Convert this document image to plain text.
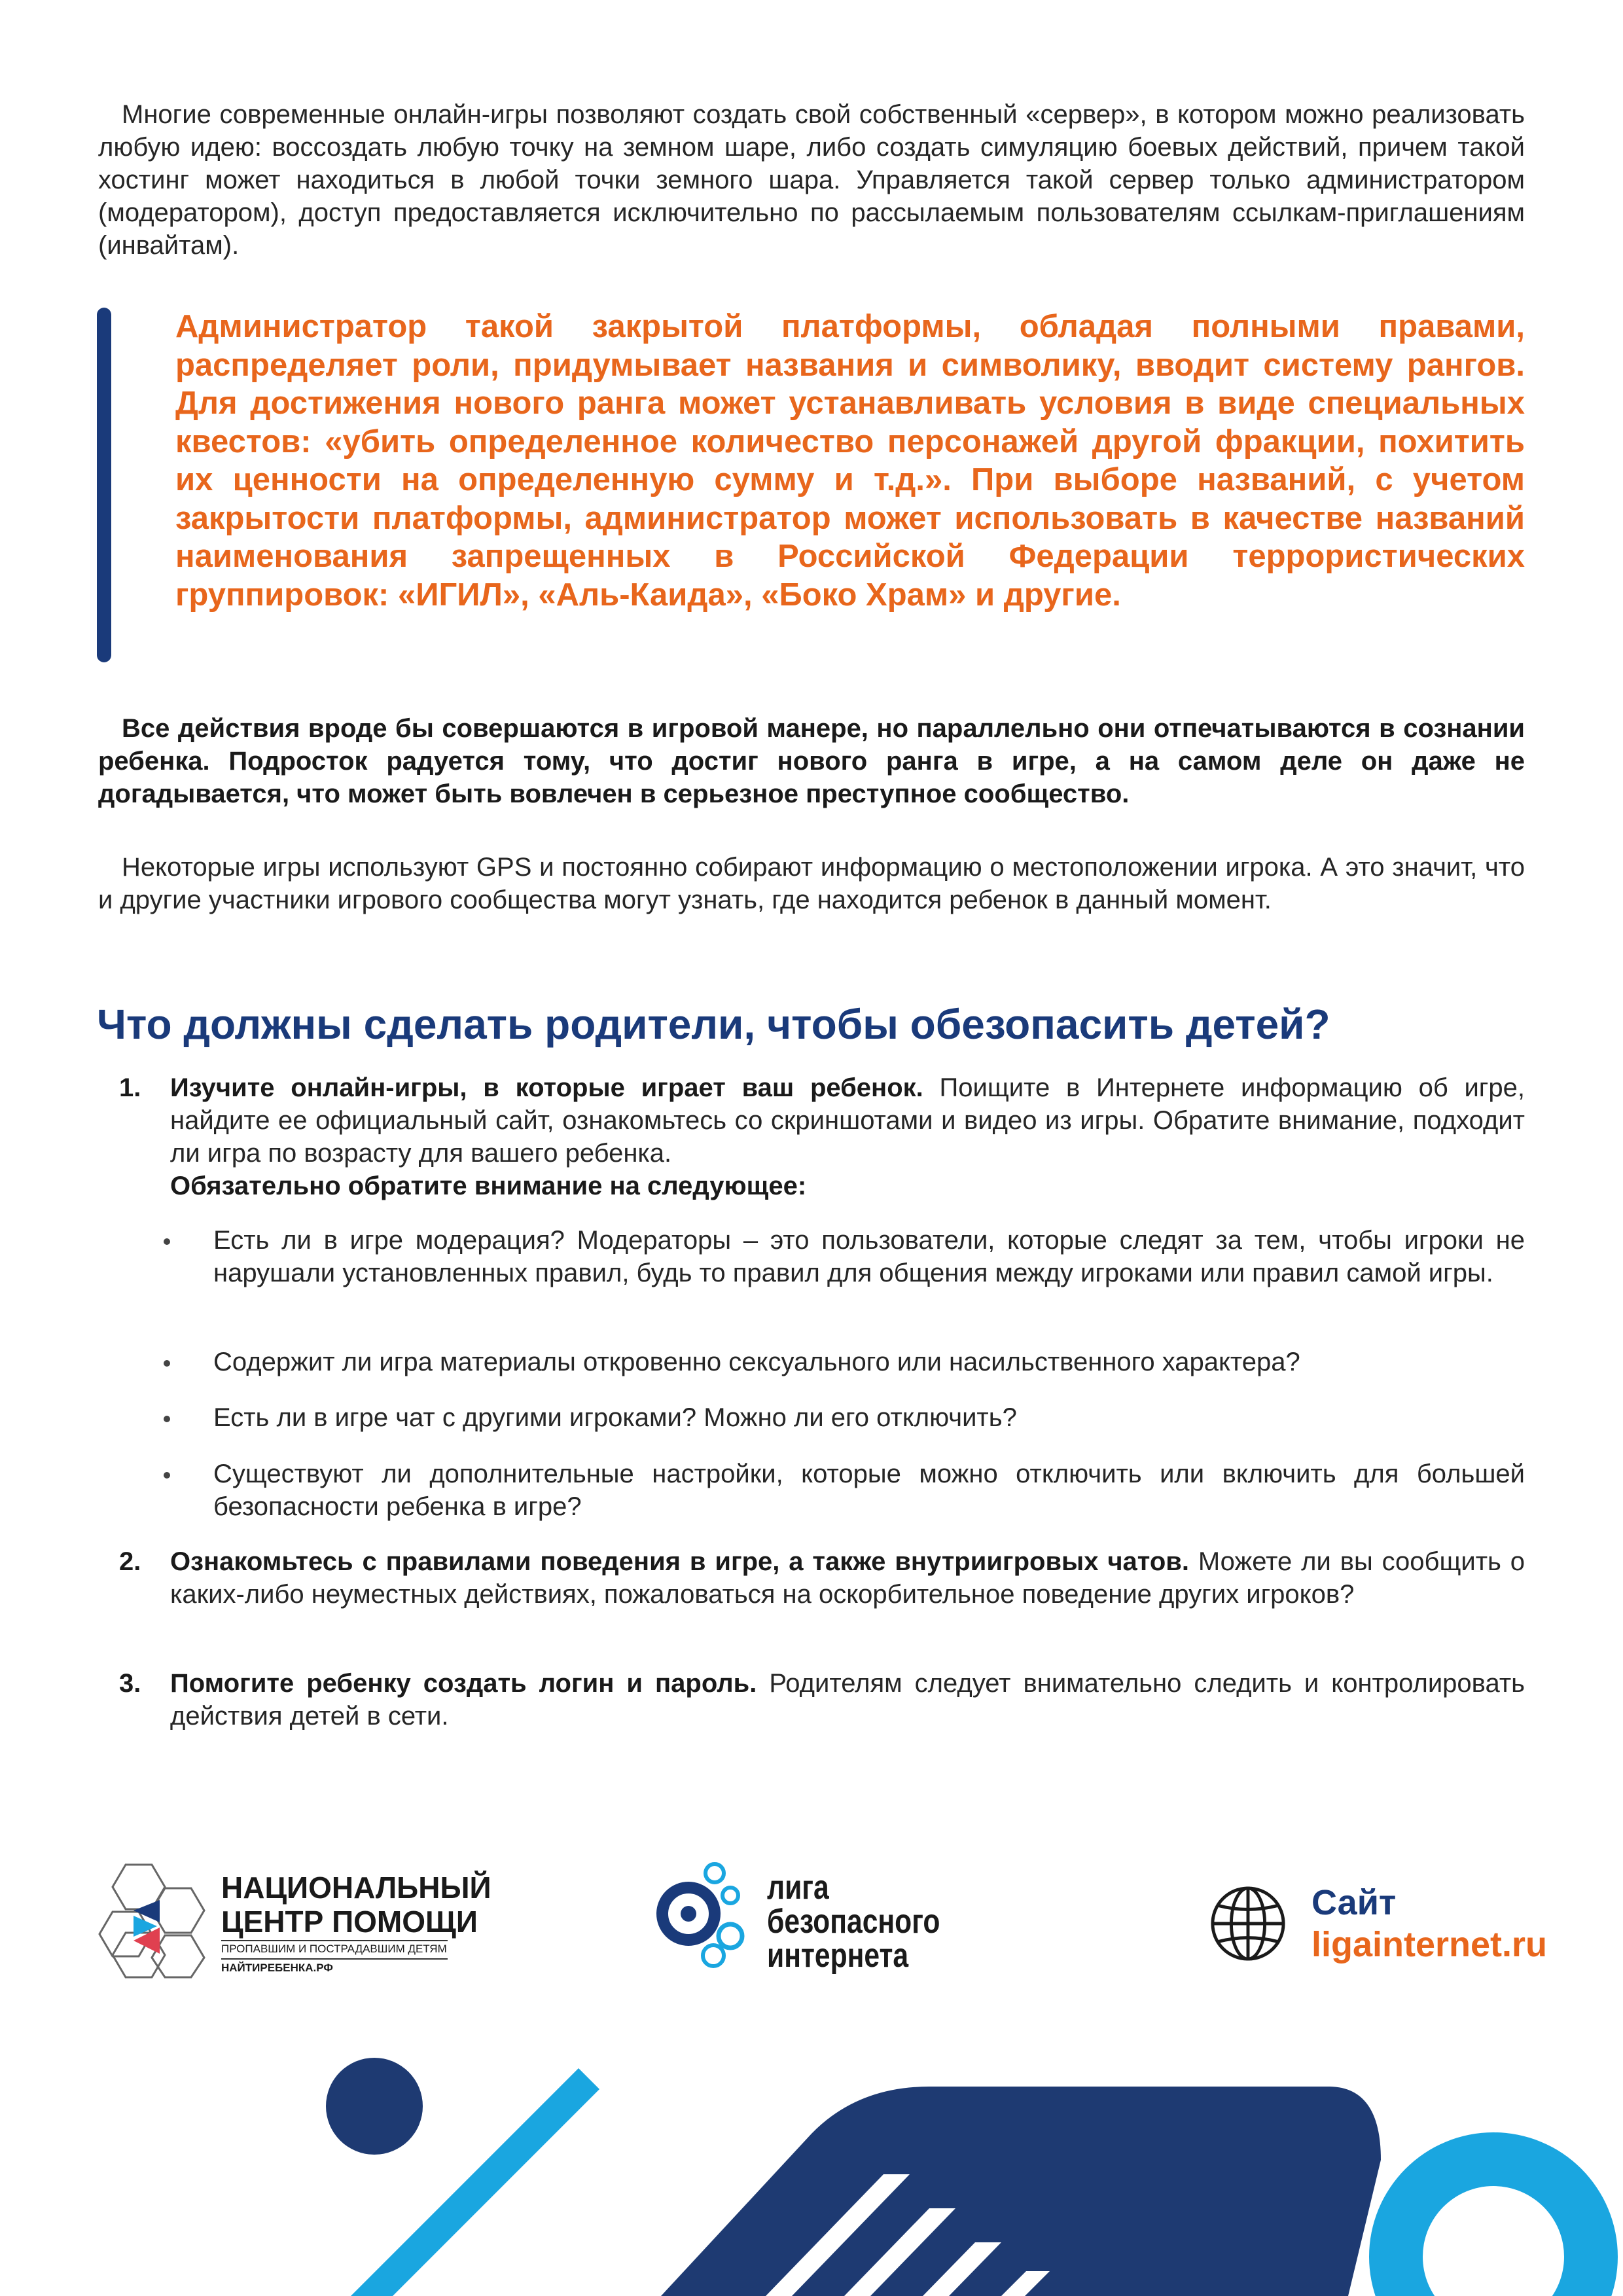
Многие современные онлайн-игры позволяют создать свой собственный «сервер», в котором можно реализовать любую идею: воссоздать любую точку на земном шаре, либо создать симуляцию боевых действий, причем такой хостинг может находиться в любой точки земного шара. Управляется такой сервер только администратором (модератором), доступ предоставляется исключительно по рассылаемым пользователям ссылкам-приглашениям (инвайтам).

Администратор такой закрытой платформы, обладая полными правами, распределяет роли, придумывает названия и символику, вводит систему рангов. Для достижения нового ранга может устанавливать условия в виде специальных квестов: «убить определенное количество персонажей другой фракции, похитить их ценности на определенную сумму и т.д.». При выборе названий, с учетом закрытости платформы, администратор может использовать в качестве названий наименования запрещенных в Российской Федерации террористических группировок: «ИГИЛ», «Аль-Каида», «Боко Храм» и другие.

Все действия вроде бы совершаются в игровой манере, но параллельно они отпечатываются в сознании ребенка. Подросток радуется тому, что достиг нового ранга в игре, а на самом деле он даже не догадывается, что может быть вовлечен в серьезное преступное сообщество.

Некоторые игры используют GPS и постоянно собирают информацию о местоположении игрока. А это значит, что и другие участники игрового сообщества могут узнать, где находится ребенок в данный момент.

Что должны сделать родители, чтобы обезопасить детей?
1. Изучите онлайн-игры, в которые играет ваш ребенок. Поищите в Интернете информацию об игре, найдите ее официальный сайт, ознакомьтесь со скриншотами и видео из игры. Обратите внимание, подходит ли игра по возрасту для вашего ребенка.
Обязательно обратите внимание на следующее:

Есть ли в игре модерация? Модераторы – это пользователи, которые следят за тем, чтобы игроки не нарушали установленных правил, будь то правил для общения между игроками или правил самой игры.

Содержит ли игра материалы откровенно сексуального или насильственного характера?

Есть ли в игре чат с другими игроками? Можно ли его отключить?

Существуют ли дополнительные настройки, которые можно отключить или включить для большей безопасности ребенка в игре?

2. Ознакомьтесь с правилами поведения в игре, а также внутриигровых чатов. Можете ли вы сообщить о каких-либо неуместных действиях, пожаловаться на оскорбительное поведение других игроков?

3. Помогите ребенку создать логин и пароль. Родителям следует внимательно следить и контролировать действия детей в сети.

НАЦИОНАЛЬНЫЙ
ЦЕНТР ПОМОЩИ
ПРОПАВШИМ И ПОСТРАДАВШИМ ДЕТЯМ
НАЙТИРЕБЕНКА.РФ
лига
безопасного
интернета
Сайт
ligainternet.ru
